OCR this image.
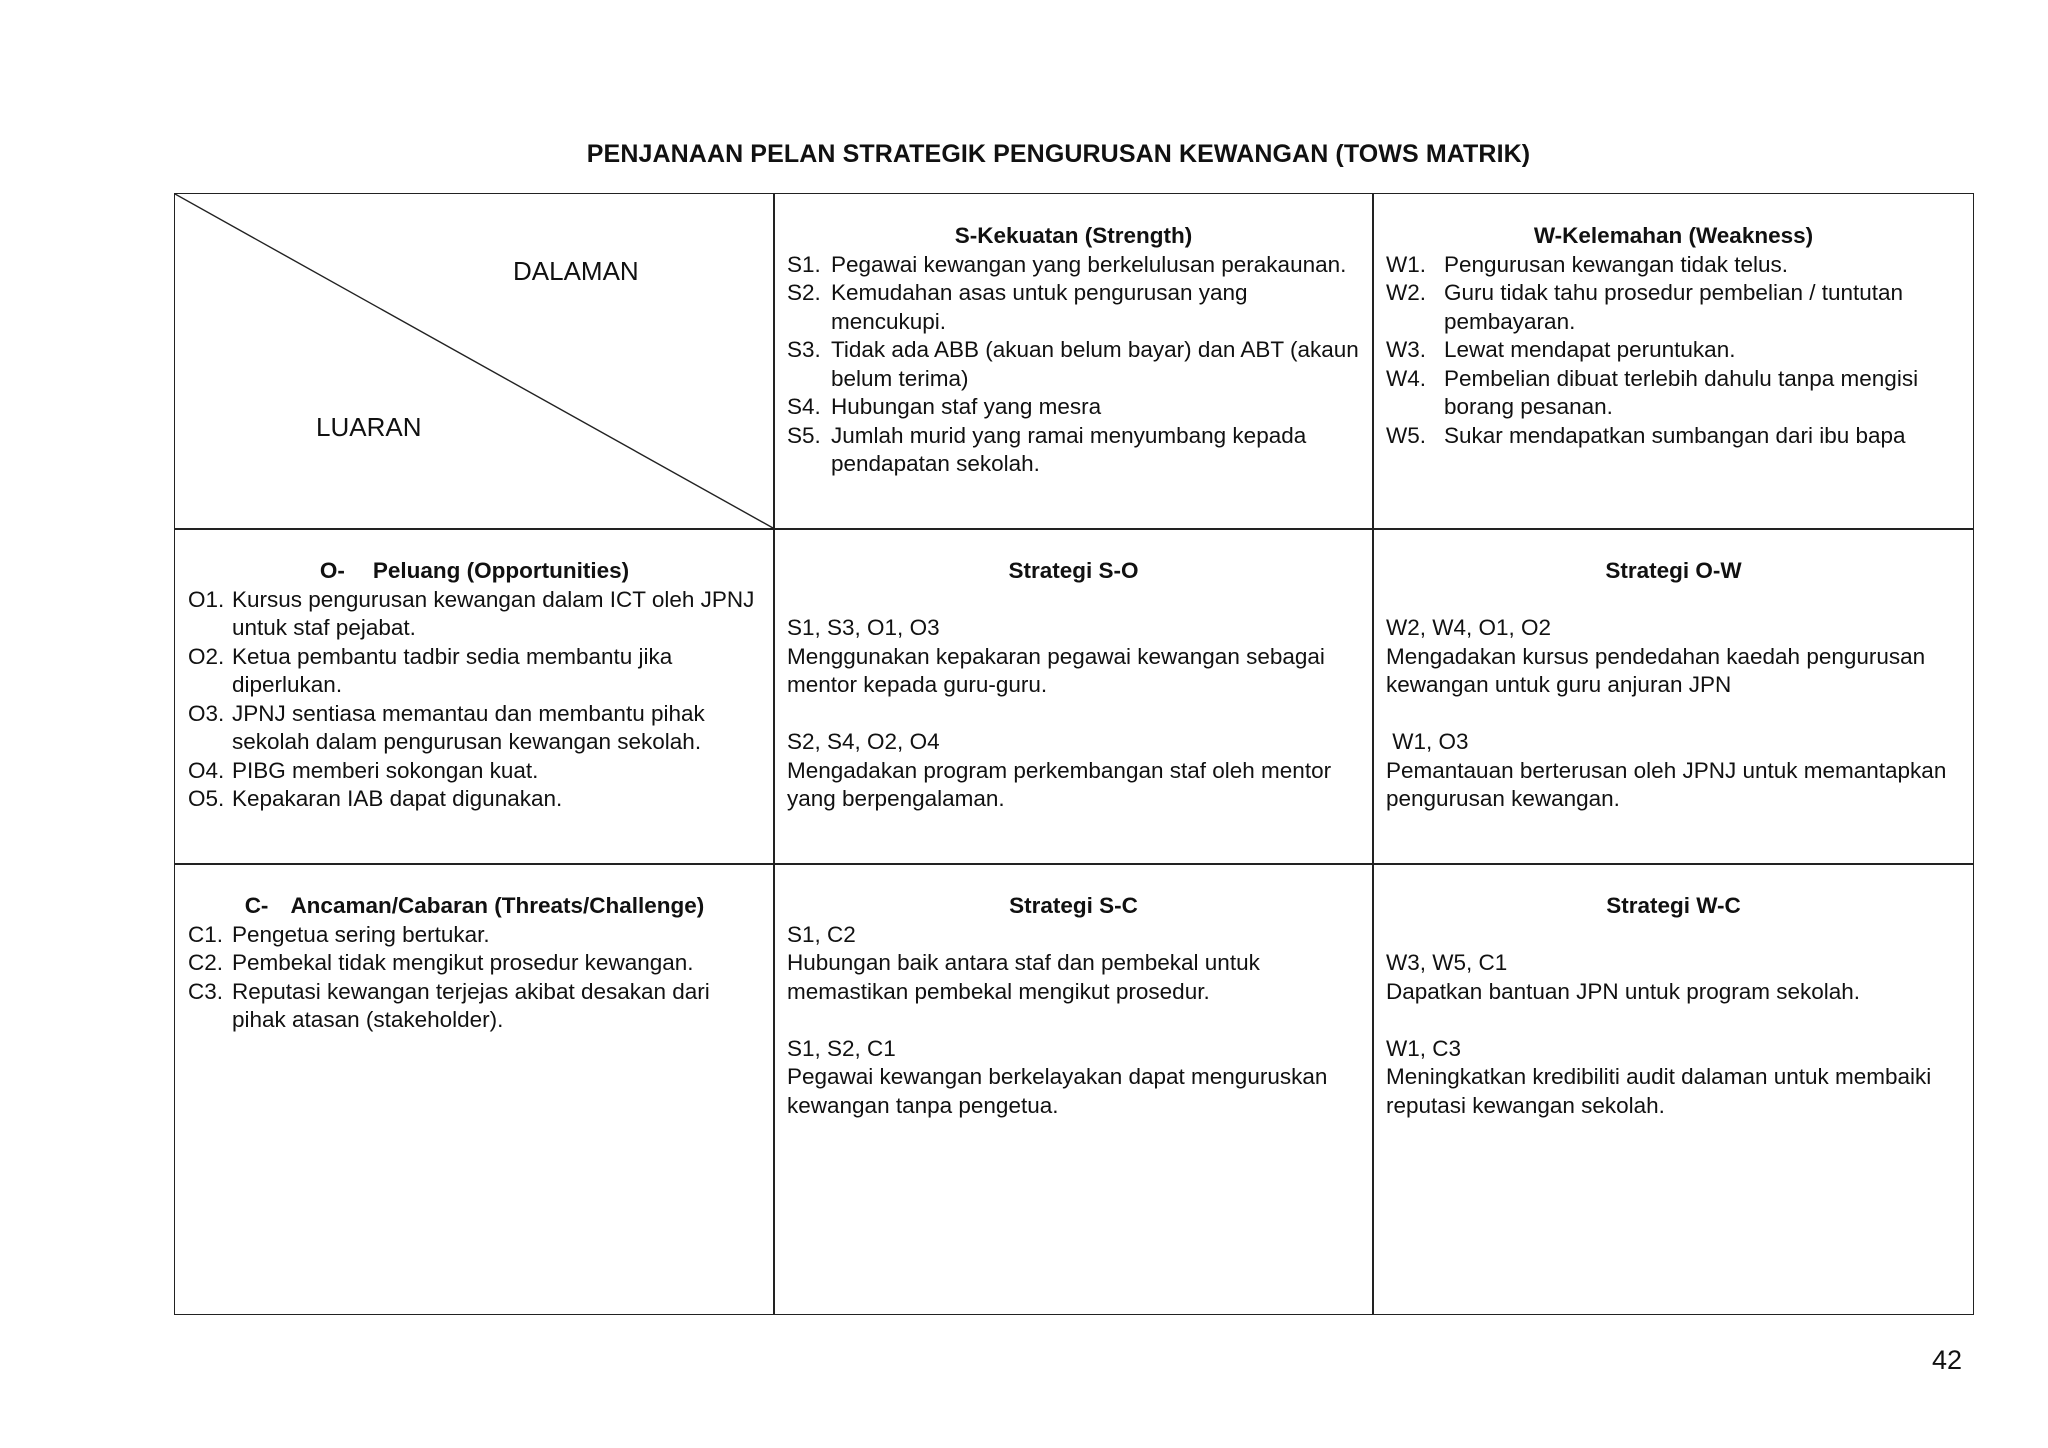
PENJANAAN PELAN STRATEGIK PENGURUSAN KEWANGAN (TOWS MATRIK)
DALAMAN
LUARAN
S-Kekuatan (Strength)
S1. Pegawai kewangan yang berkelulusan perakaunan.
S2. Kemudahan asas untuk pengurusan yang mencukupi.
S3. Tidak ada ABB (akuan belum bayar) dan ABT (akaun belum terima)
S4. Hubungan staf yang mesra
S5. Jumlah murid yang ramai menyumbang kepada pendapatan sekolah.
W-Kelemahan (Weakness)
W1. Pengurusan kewangan tidak telus.
W2. Guru tidak tahu prosedur pembelian / tuntutan pembayaran.
W3. Lewat mendapat peruntukan.
W4. Pembelian dibuat terlebih dahulu tanpa mengisi borang pesanan.
W5. Sukar mendapatkan sumbangan dari ibu bapa
O- Peluang (Opportunities)
O1. Kursus pengurusan kewangan dalam ICT oleh JPNJ untuk staf pejabat.
O2. Ketua pembantu tadbir sedia membantu jika diperlukan.
O3. JPNJ sentiasa memantau dan membantu pihak sekolah dalam pengurusan kewangan sekolah.
O4. PIBG memberi sokongan kuat.
O5. Kepakaran IAB dapat digunakan.
Strategi S-O
S1, S3, O1, O3
Menggunakan kepakaran pegawai kewangan sebagai mentor kepada guru-guru.
S2, S4, O2, O4
Mengadakan program perkembangan staf oleh mentor yang berpengalaman.
Strategi O-W
W2, W4, O1, O2
Mengadakan kursus pendedahan kaedah pengurusan kewangan untuk guru anjuran JPN
W1, O3
Pemantauan berterusan oleh JPNJ untuk memantapkan pengurusan kewangan.
C- Ancaman/Cabaran (Threats/Challenge)
C1. Pengetua sering bertukar.
C2. Pembekal tidak mengikut prosedur kewangan.
C3. Reputasi kewangan terjejas akibat desakan dari pihak atasan (stakeholder).
Strategi S-C
S1, C2
Hubungan baik antara staf dan pembekal untuk memastikan pembekal mengikut prosedur.
S1, S2, C1
Pegawai kewangan berkelayakan dapat menguruskan kewangan tanpa pengetua.
Strategi W-C
W3, W5, C1
Dapatkan bantuan JPN untuk program sekolah.
W1, C3
Meningkatkan kredibiliti audit dalaman untuk membaiki reputasi kewangan sekolah.
42
